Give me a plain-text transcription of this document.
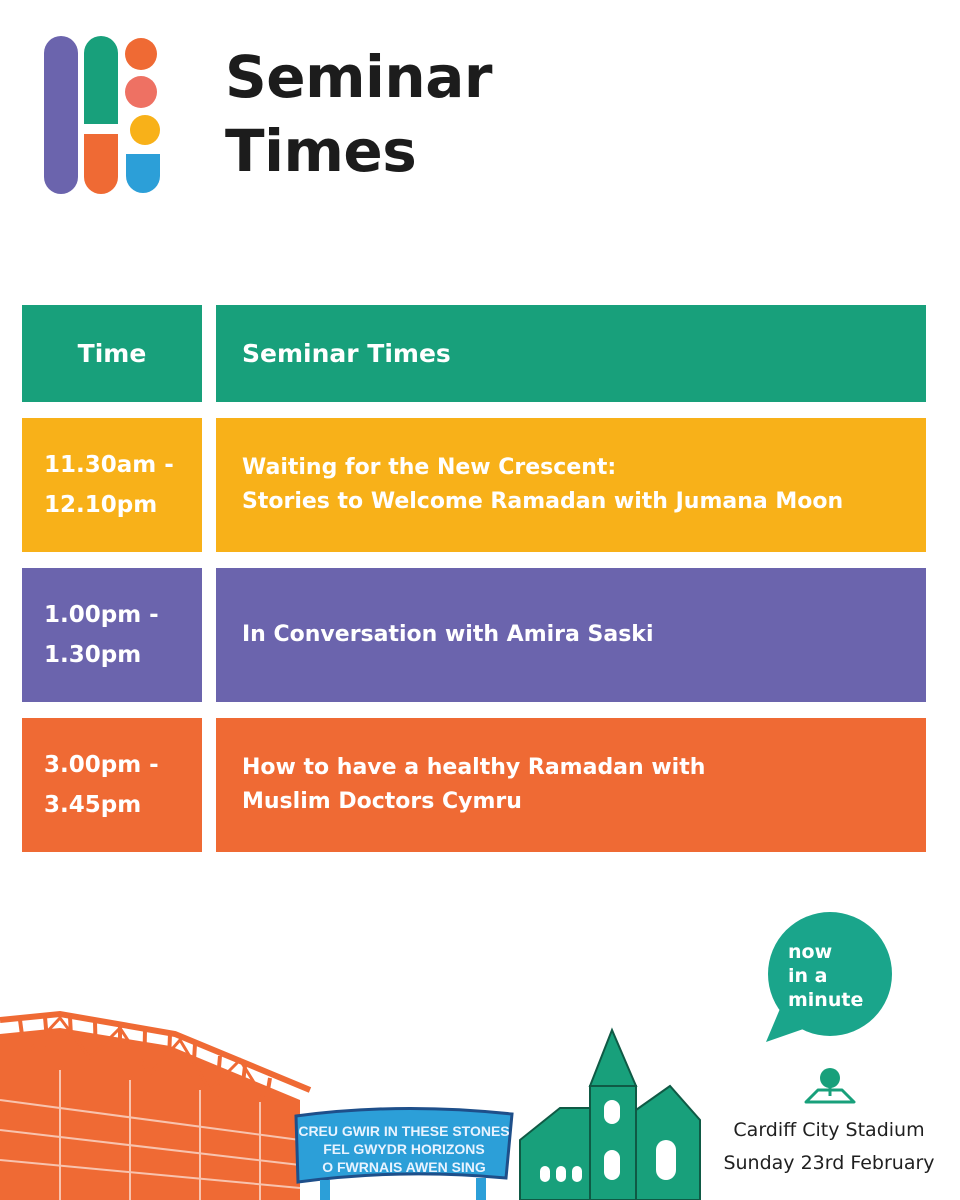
Seminar
Times
Time	Seminar Times
11.30am -
12.10pm
Waiting for the New Crescent:
Stories to Welcome Ramadan with Jumana Moon
1.00pm -
1.30pm
In Conversation with Amira Saski
3.00pm -
3.45pm
How to have a healthy Ramadan with
Muslim Doctors Cymru
now
in a
minute
Cardiff City Stadium
Sunday 23rd February
CREU GWIR IN THESE STONES
FEL GWYDR HORIZONS
O FWRNAIS AWEN SING
